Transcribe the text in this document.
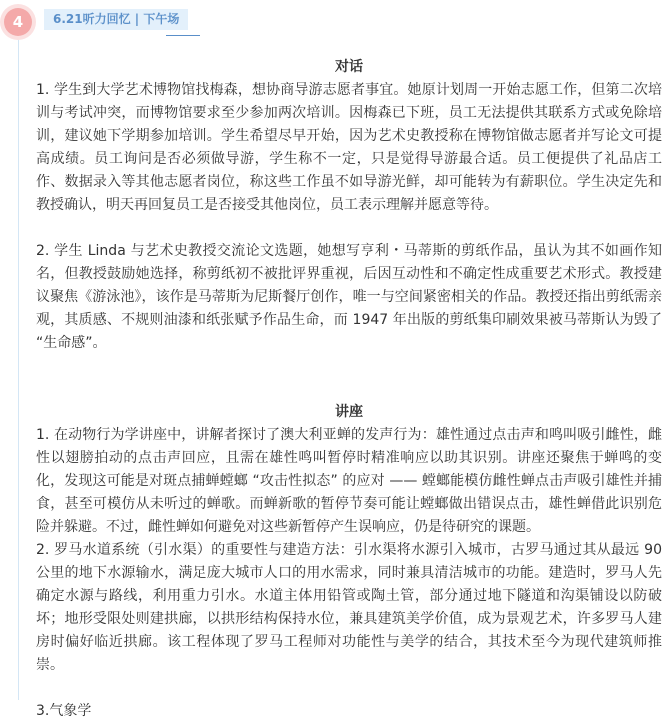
4	6.21听力回忆 | 下午场

对话

1. 学生到大学艺术博物馆找梅森，想协商导游志愿者事宜。她原计划周一开始志愿工作，但第二次培训与考试冲突，而博物馆要求至少参加两次培训。因梅森已下班，员工无法提供其联系方式或免除培训，建议她下学期参加培训。学生希望尽早开始，因为艺术史教授称在博物馆做志愿者并写论文可提高成绩。员工询问是否必须做导游，学生称不一定，只是觉得导游最合适。员工便提供了礼品店工作、数据录入等其他志愿者岗位，称这些工作虽不如导游光鲜，却可能转为有薪职位。学生决定先和教授确认，明天再回复员工是否接受其他岗位，员工表示理解并愿意等待。

2. 学生 Linda 与艺术史教授交流论文选题，她想写亨利・马蒂斯的剪纸作品，虽认为其不如画作知名，但教授鼓励她选择，称剪纸初不被批评界重视，后因互动性和不确定性成重要艺术形式。教授建议聚焦《游泳池》，该作是马蒂斯为尼斯餐厅创作，唯一与空间紧密相关的作品。教授还指出剪纸需亲观，其质感、不规则油漆和纸张赋予作品生命，而 1947 年出版的剪纸集印刷效果被马蒂斯认为毁了 “生命感”。

讲座

1. 在动物行为学讲座中，讲解者探讨了澳大利亚蝉的发声行为：雄性通过点击声和鸣叫吸引雌性，雌性以翅膀拍动的点击声回应，且需在雄性鸣叫暂停时精准响应以助其识别。讲座还聚焦于蝉鸣的变化，发现这可能是对斑点捕蝉螳螂 “攻击性拟态” 的应对 —— 螳螂能模仿雌性蝉点击声吸引雄性并捕食，甚至可模仿从未听过的蝉歌。而蝉新歌的暂停节奏可能让螳螂做出错误点击，雄性蝉借此识别危险并躲避。不过，雌性蝉如何避免对这些新暂停产生误响应，仍是待研究的课题。

2. 罗马水道系统（引水渠）的重要性与建造方法：引水渠将水源引入城市，古罗马通过其从最远 90 公里的地下水源输水，满足庞大城市人口的用水需求，同时兼具清洁城市的功能。建造时，罗马人先确定水源与路线，利用重力引水。水道主体用铅管或陶土管，部分通过地下隧道和沟渠铺设以防破坏；地形受限处则建拱廊，以拱形结构保持水位，兼具建筑美学价值，成为景观艺术，许多罗马人建房时偏好临近拱廊。该工程体现了罗马工程师对功能性与美学的结合，其技术至今为现代建筑师推崇。

3.气象学
